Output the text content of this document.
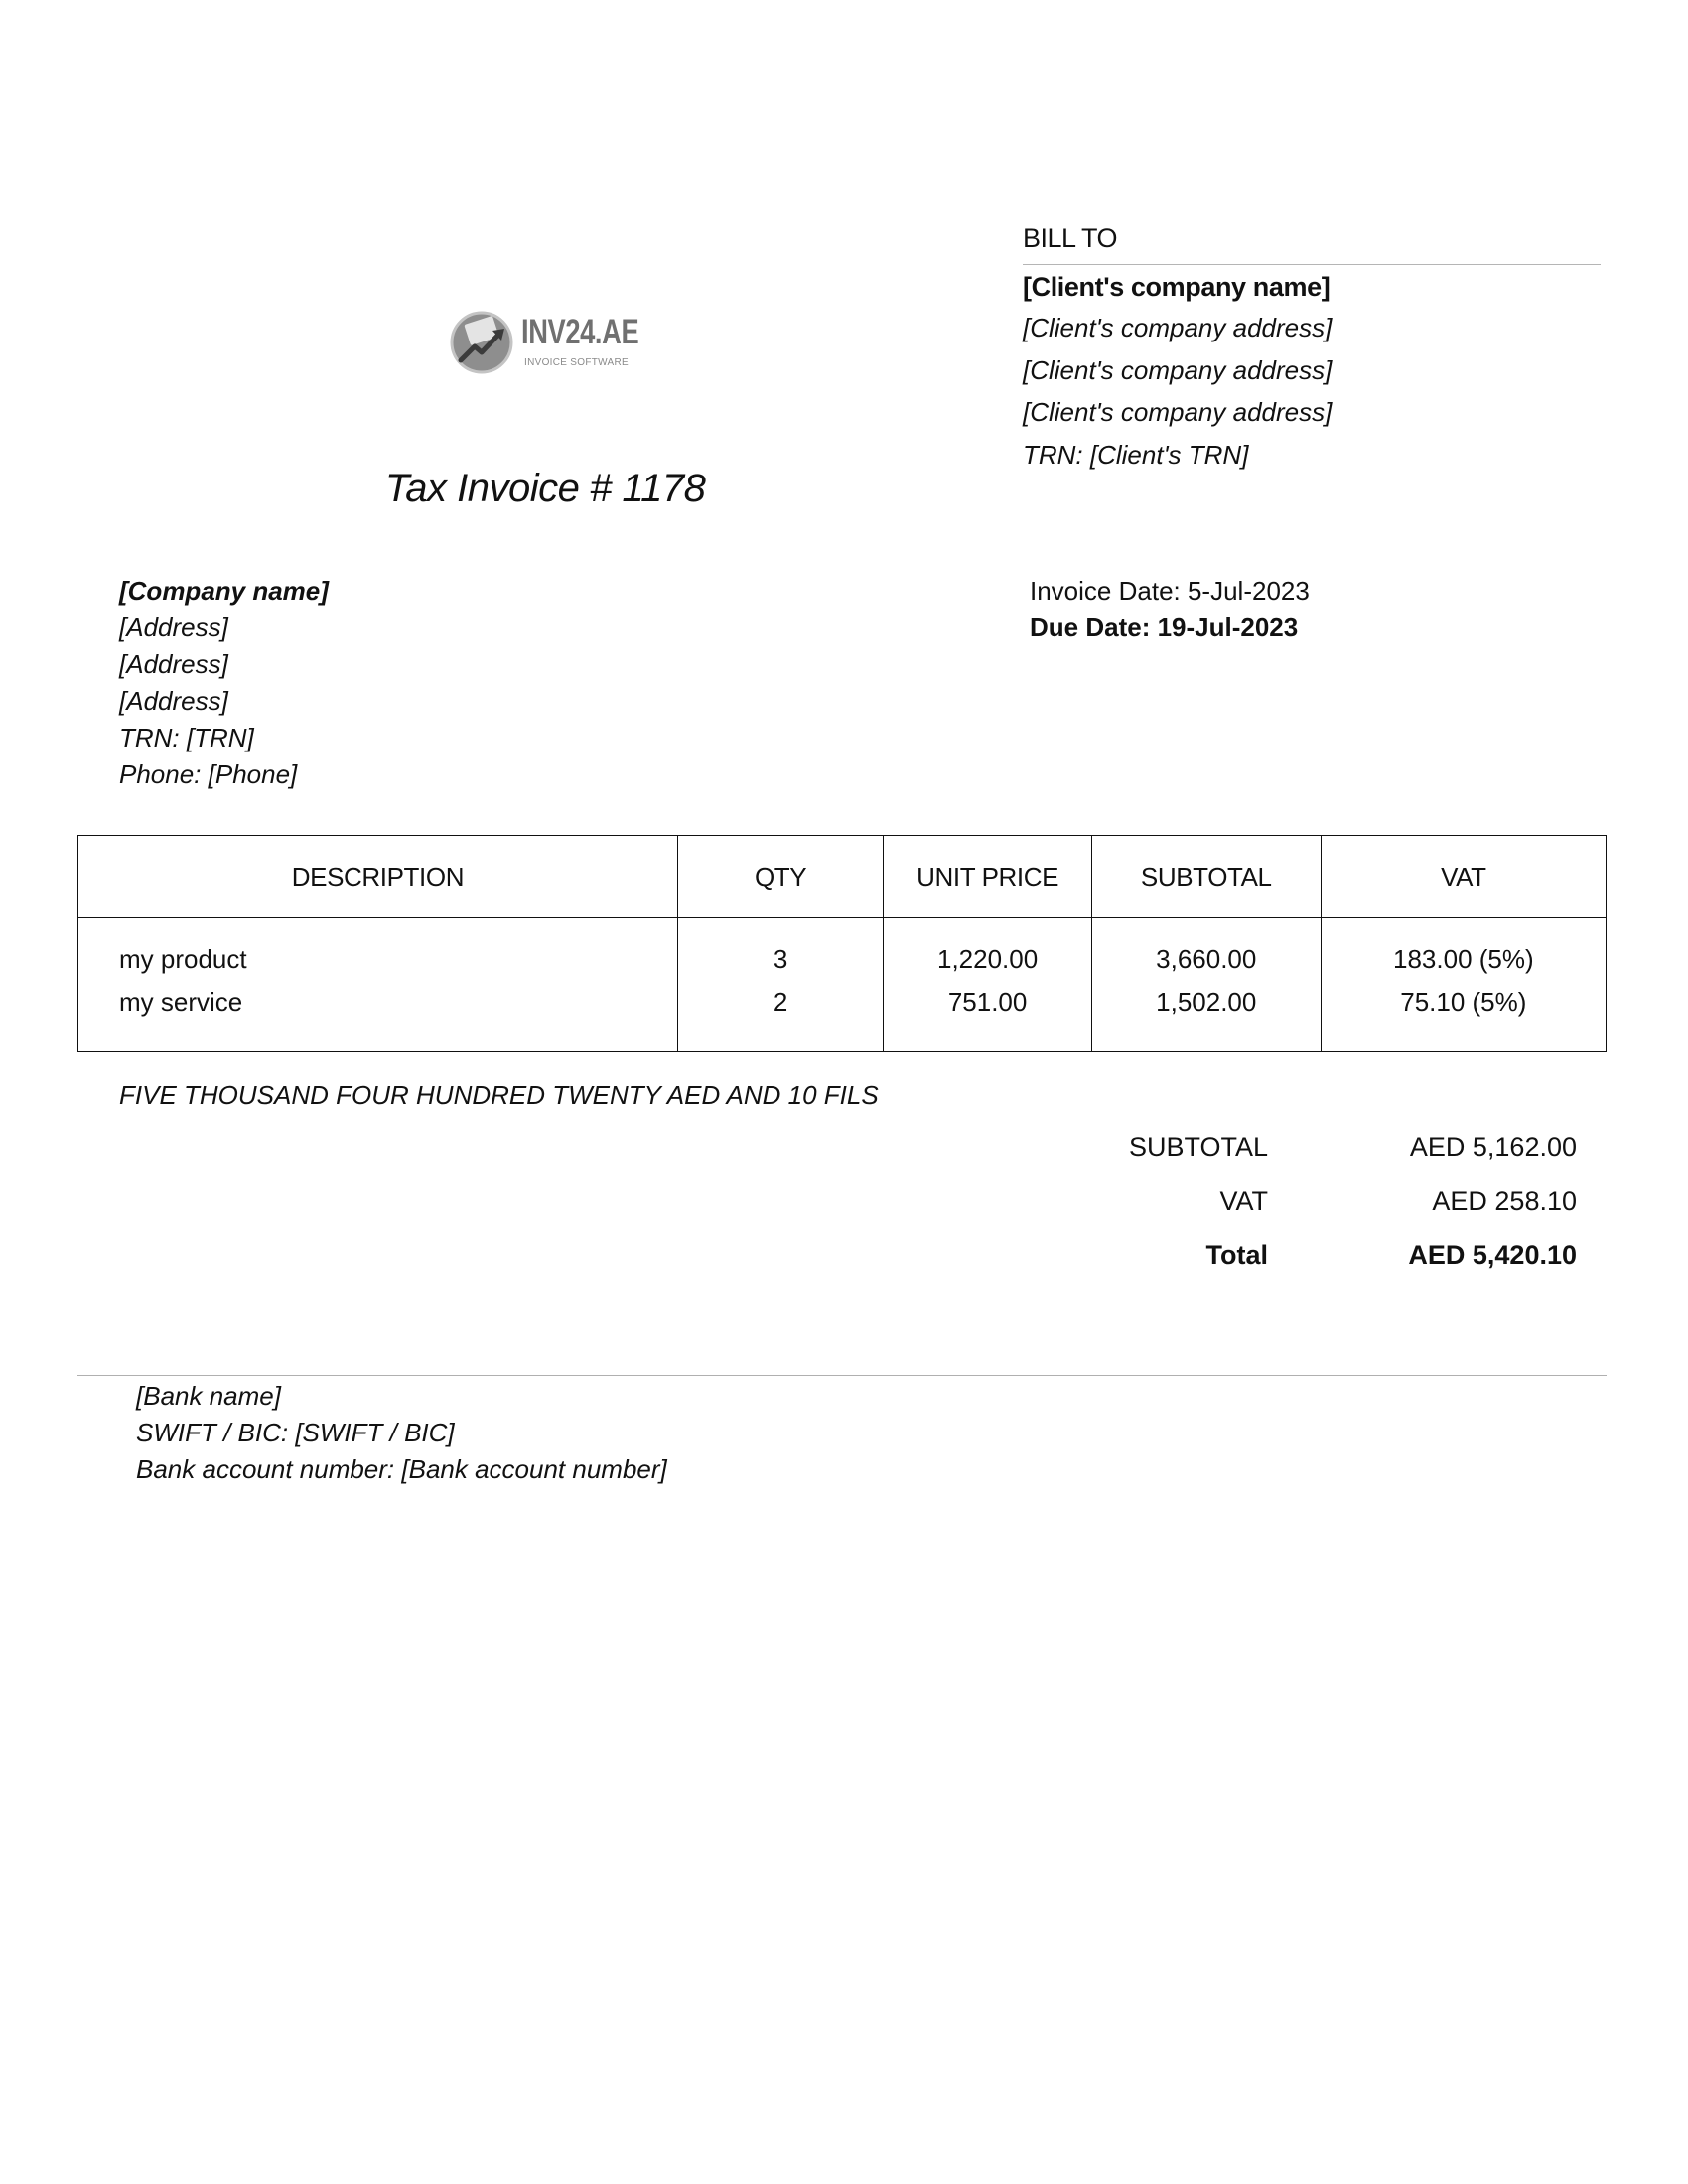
BILL TO
[Client's company name]
[Client's company address]
[Client's company address]
[Client's company address]
TRN: [Client's TRN]
INV24.AE
INVOICE SOFTWARE
Tax Invoice # 1178
[Company name]
[Address]
[Address]
[Address]
TRN: [TRN]
Phone: [Phone]
Invoice Date: 5-Jul-2023
Due Date: 19-Jul-2023
DESCRIPTION	QTY	UNIT PRICE	SUBTOTAL	VAT
my product	3	1,220.00	3,660.00	183.00 (5%)
my service	2	751.00	1,502.00	75.10 (5%)
FIVE THOUSAND FOUR HUNDRED TWENTY AED AND 10 FILS
SUBTOTAL	AED 5,162.00
VAT	AED 258.10
Total	AED 5,420.10
[Bank name]
SWIFT / BIC: [SWIFT / BIC]
Bank account number: [Bank account number]
